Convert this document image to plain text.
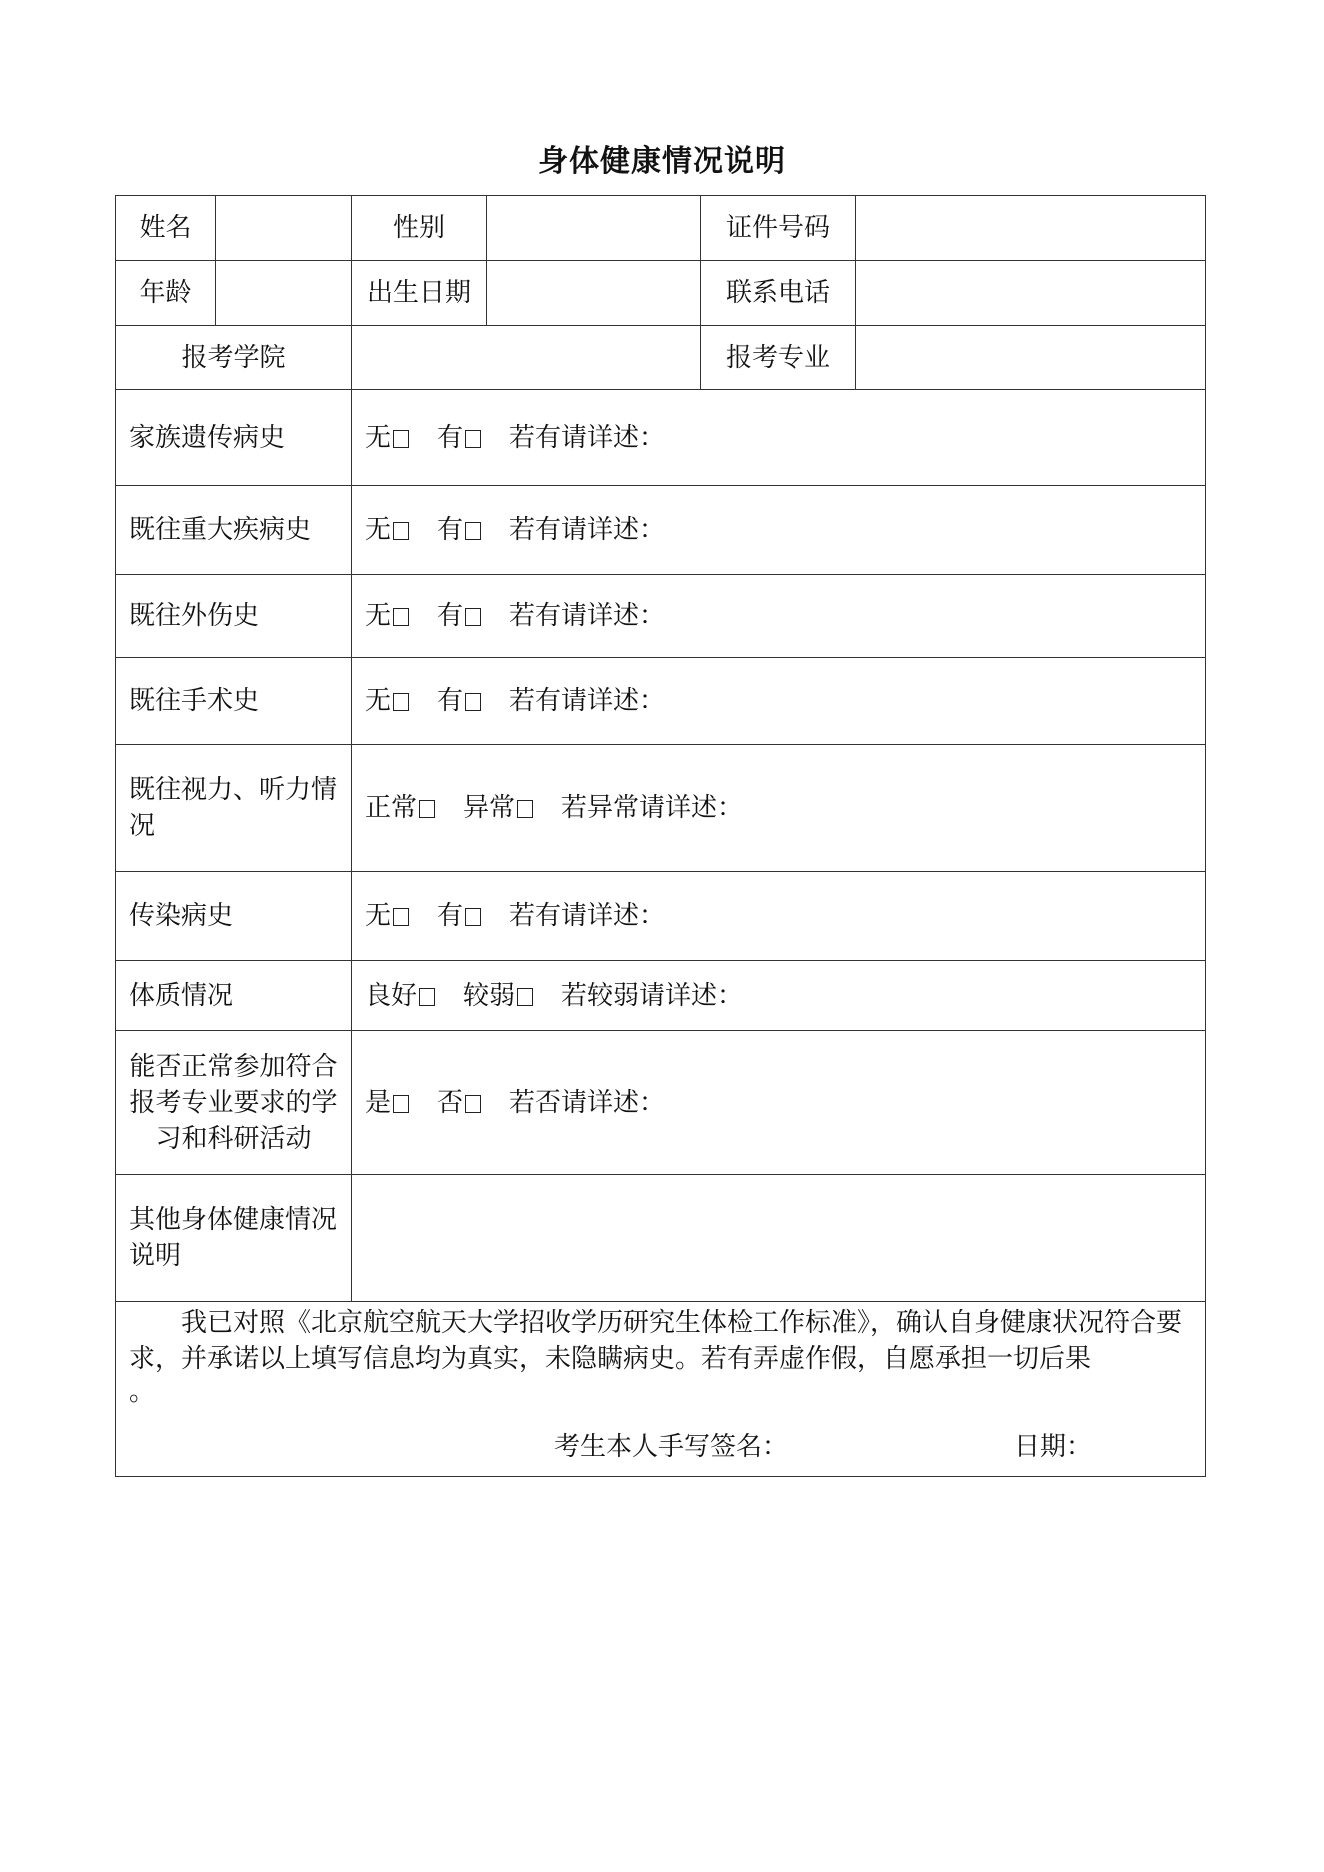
身体健康情况说明
姓名		性别		证件号码	
年龄		出生日期		联系电话	
报考学院				报考专业	
家族遗传病史		无 有 若有请详述：			
既往重大疾病史		无 有 若有请详述：			
既往外伤史		无 有 若有请详述：			
既往手术史		无 有 若有请详述：			
既往视力、听力情况		正常 异常 若异常请详述：			
传染病史		无 有 若有请详述：			
体质情况		良好 较弱 若较弱请详述：			
能否正常参加符合报考专业要求的学习和科研活动		是 否 若否请详述：			
其他身体健康情况说明					

我已对照《北京航空航天大学招收学历研究生体检工作标准》，确认自身健康状况符合要求，并承诺以上填写信息均为真实，未隐瞒病史。若有弄虚作假，自愿承担一切后果
。
考生本人手写签名： 日期：					
